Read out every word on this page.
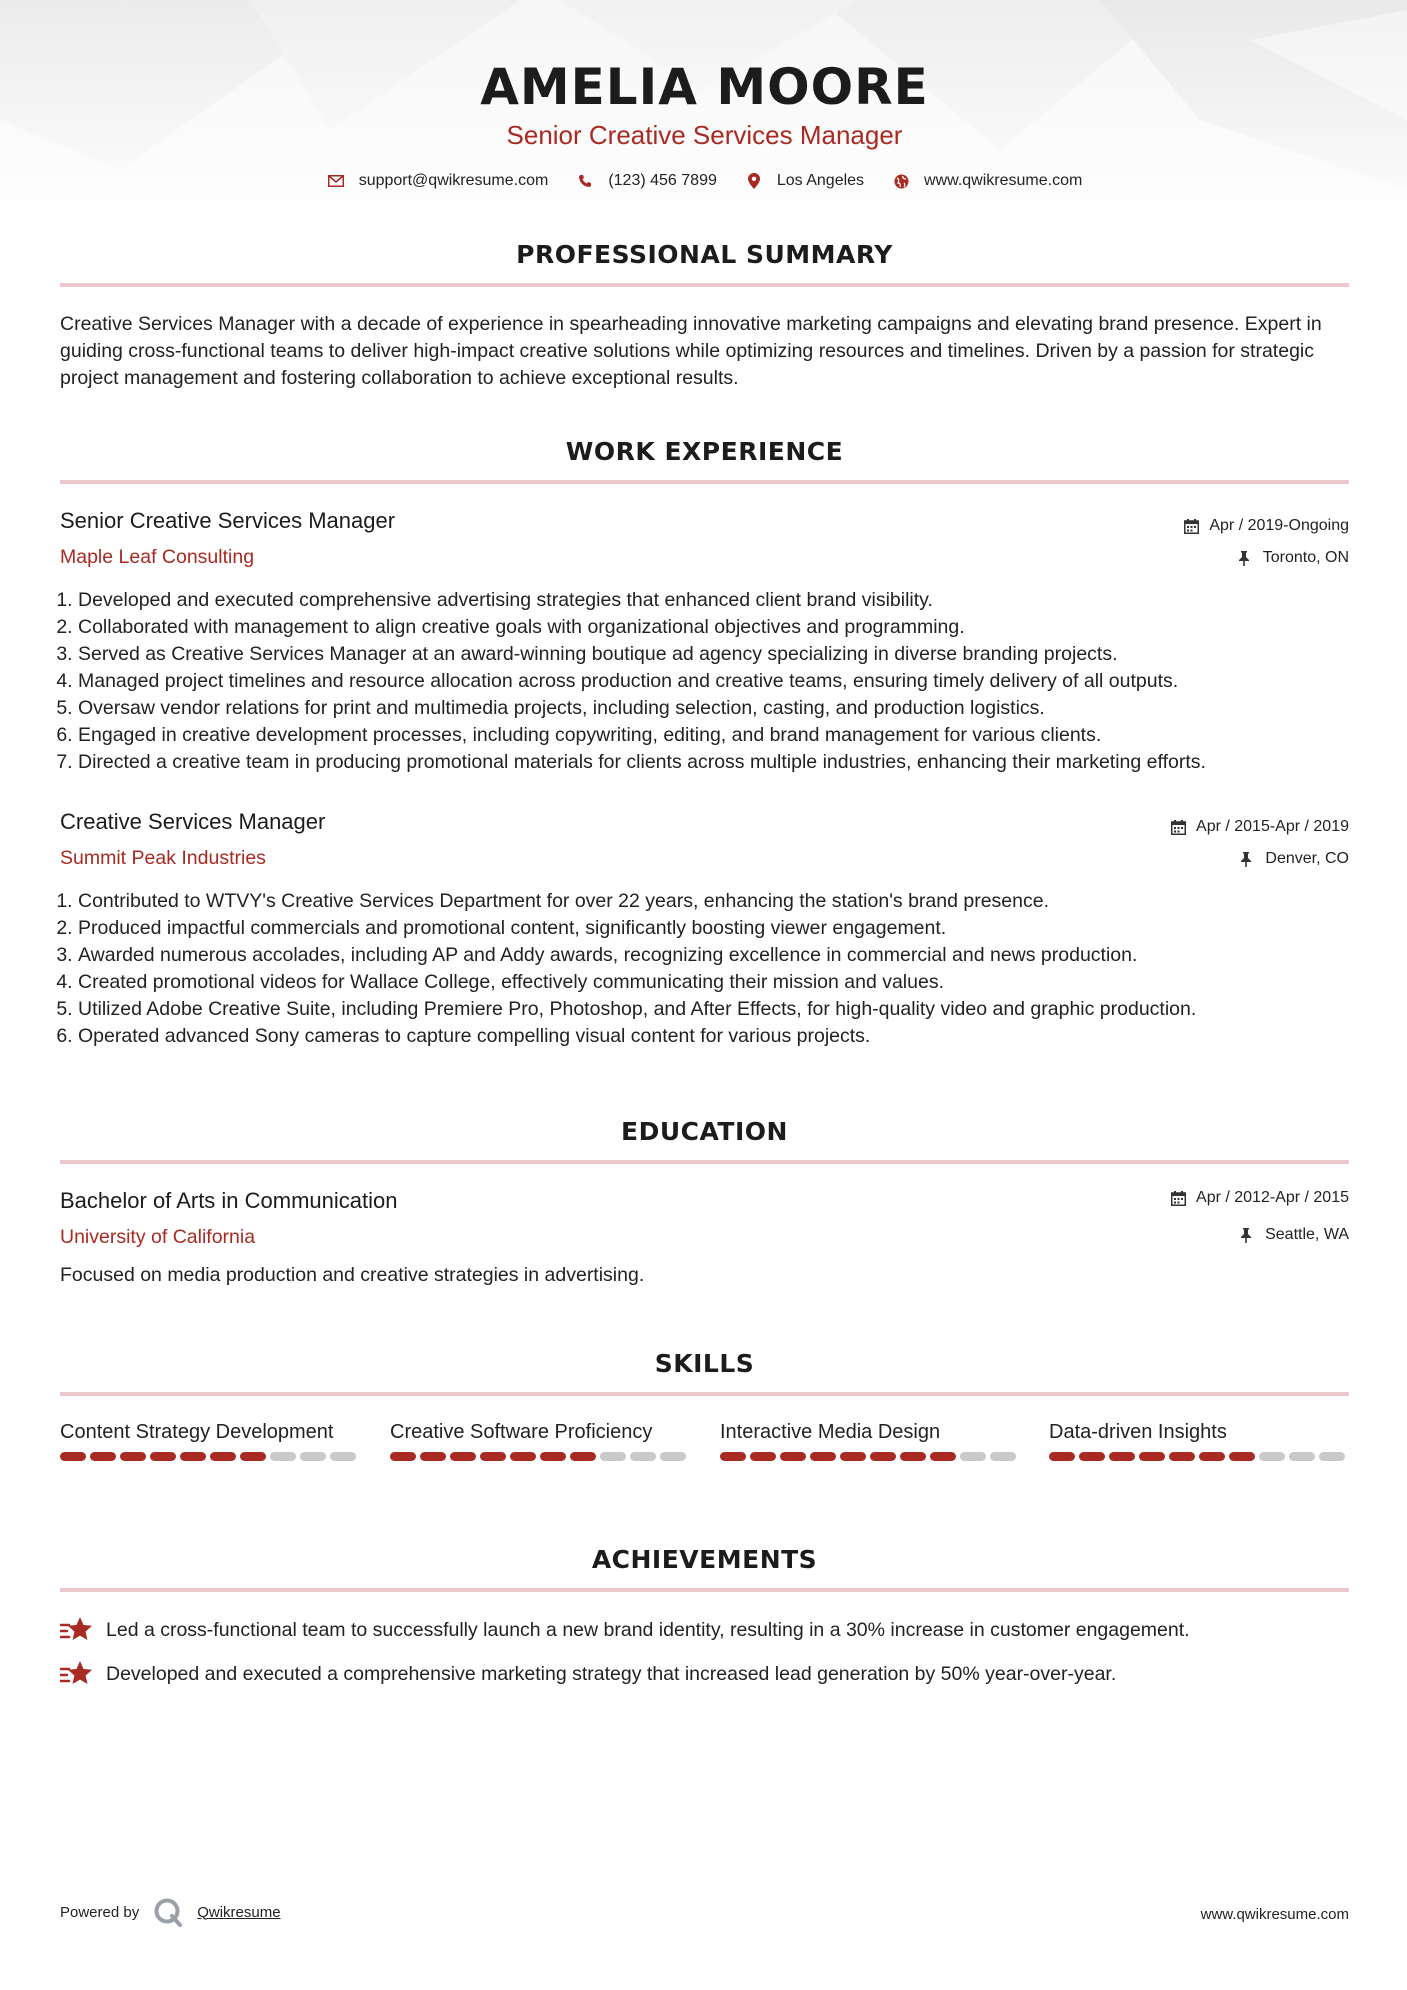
AMELIA MOORE
Senior Creative Services Manager
support@qwikresume.com	(123) 456 7899	Los Angeles	www.qwikresume.com
PROFESSIONAL SUMMARY
Creative Services Manager with a decade of experience in spearheading innovative marketing campaigns and elevating brand presence. Expert in guiding cross-functional teams to deliver high-impact creative solutions while optimizing resources and timelines. Driven by a passion for strategic project management and fostering collaboration to achieve exceptional results.
WORK EXPERIENCE
Senior Creative Services Manager	Apr / 2019-Ongoing
Maple Leaf Consulting	Toronto, ON
1. Developed and executed comprehensive advertising strategies that enhanced client brand visibility.
2. Collaborated with management to align creative goals with organizational objectives and programming.
3. Served as Creative Services Manager at an award-winning boutique ad agency specializing in diverse branding projects.
4. Managed project timelines and resource allocation across production and creative teams, ensuring timely delivery of all outputs.
5. Oversaw vendor relations for print and multimedia projects, including selection, casting, and production logistics.
6. Engaged in creative development processes, including copywriting, editing, and brand management for various clients.
7. Directed a creative team in producing promotional materials for clients across multiple industries, enhancing their marketing efforts.
Creative Services Manager	Apr / 2015-Apr / 2019
Summit Peak Industries	Denver, CO
1. Contributed to WTVY's Creative Services Department for over 22 years, enhancing the station's brand presence.
2. Produced impactful commercials and promotional content, significantly boosting viewer engagement.
3. Awarded numerous accolades, including AP and Addy awards, recognizing excellence in commercial and news production.
4. Created promotional videos for Wallace College, effectively communicating their mission and values.
5. Utilized Adobe Creative Suite, including Premiere Pro, Photoshop, and After Effects, for high-quality video and graphic production.
6. Operated advanced Sony cameras to capture compelling visual content for various projects.
EDUCATION
Bachelor of Arts in Communication	Apr / 2012-Apr / 2015
University of California	Seattle, WA
Focused on media production and creative strategies in advertising.
SKILLS
Content Strategy Development	Creative Software Proficiency	Interactive Media Design	Data-driven Insights
ACHIEVEMENTS
Led a cross-functional team to successfully launch a new brand identity, resulting in a 30% increase in customer engagement.
Developed and executed a comprehensive marketing strategy that increased lead generation by 50% year-over-year.
Powered by	Qwikresume	www.qwikresume.com
